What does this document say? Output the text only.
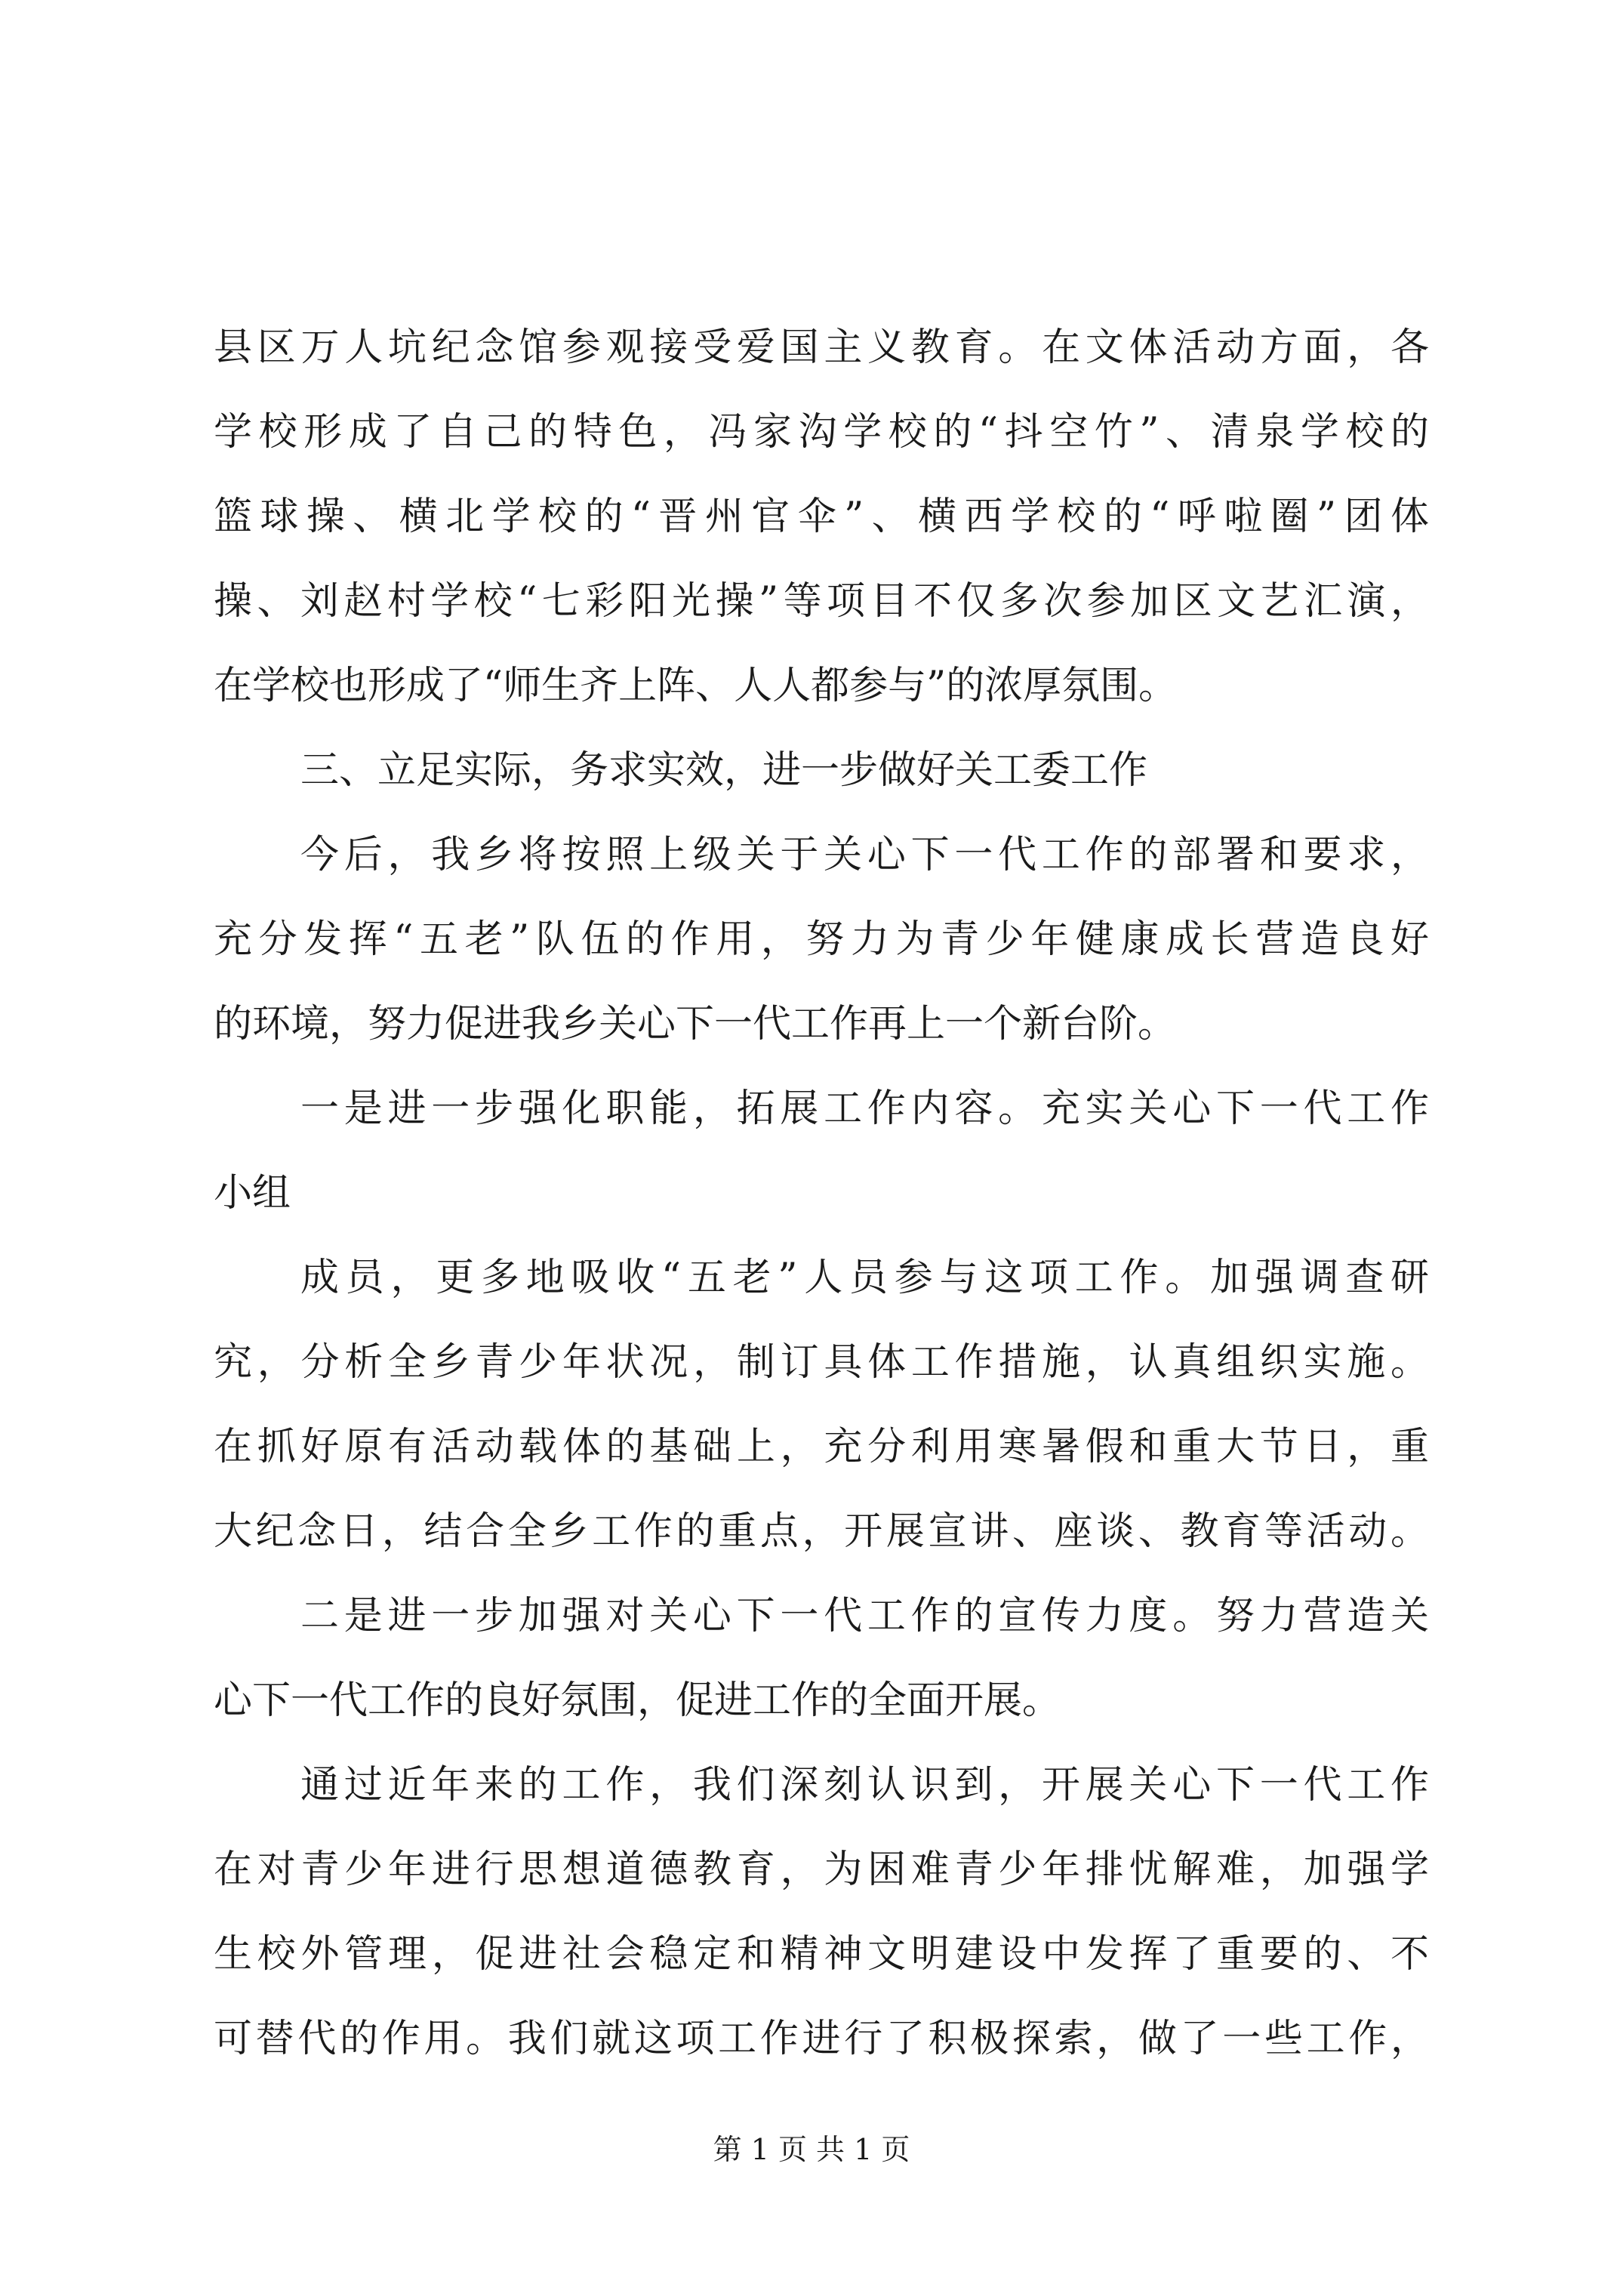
县区万人坑纪念馆参观接受爱国主义教育。在文体活动方面，各
学校形成了自己的特色，冯家沟学校的“抖空竹”、清泉学校的
篮球操、横北学校的“晋州官伞”、横西学校的“呼啦圈”团体
操、刘赵村学校“七彩阳光操”等项目不仅多次参加区文艺汇演，
在学校也形成了“师生齐上阵、人人都参与”的浓厚氛围。
三、立足实际，务求实效，进一步做好关工委工作
今后，我乡将按照上级关于关心下一代工作的部署和要求，
充分发挥“五老”队伍的作用，努力为青少年健康成长营造良好
的环境，努力促进我乡关心下一代工作再上一个新台阶。
一是进一步强化职能，拓展工作内容。充实关心下一代工作
小组
成员，更多地吸收“五老”人员参与这项工作。加强调查研
究，分析全乡青少年状况，制订具体工作措施，认真组织实施。
在抓好原有活动载体的基础上，充分利用寒暑假和重大节日，重
大纪念日，结合全乡工作的重点，开展宣讲、座谈、教育等活动。
二是进一步加强对关心下一代工作的宣传力度。努力营造关
心下一代工作的良好氛围，促进工作的全面开展。
通过近年来的工作，我们深刻认识到，开展关心下一代工作
在对青少年进行思想道德教育，为困难青少年排忧解难，加强学
生校外管理，促进社会稳定和精神文明建设中发挥了重要的、不
可替代的作用。我们就这项工作进行了积极探索，做了一些工作，
第 1 页 共 1 页
